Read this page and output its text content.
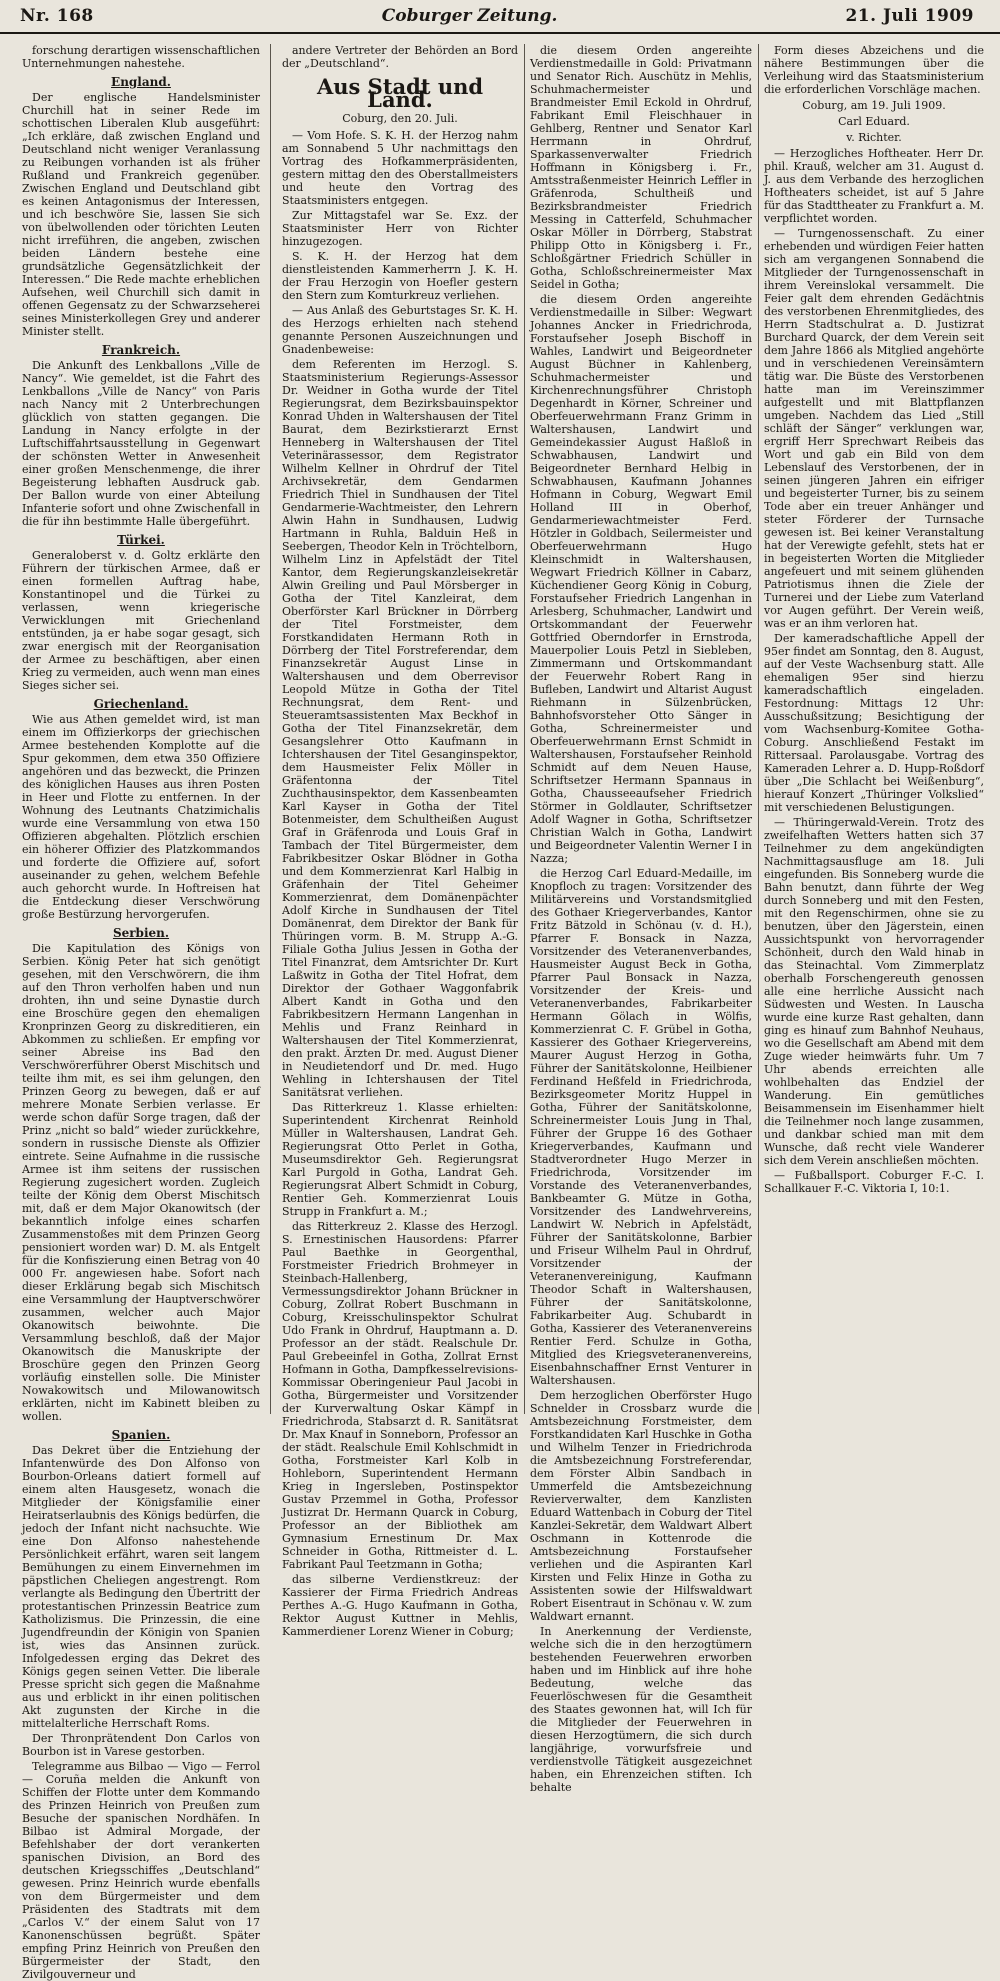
Nr. 168	Coburger Zeitung.	21. Juli 1909

forschung derartigen wissenschaftlichen Unternehmungen nahestehe.

England.

Der englische Handelsminister Churchill hat in seiner Rede im schottischen Liberalen Klub ausgeführt: „Ich erkläre, daß zwischen England und Deutschland nicht weniger Veranlassung zu Reibungen vorhanden ist als früher Rußland und Frankreich gegenüber. Zwischen England und Deutschland gibt es keinen Antagonismus der Interessen, und ich beschwöre Sie, lassen Sie sich von übelwollenden oder törichten Leuten nicht irreführen, die angeben, zwischen beiden Ländern bestehe eine grundsätzliche Gegensätzlichkeit der Interessen.“ Die Rede machte erheblichen Aufsehen, weil Churchill sich damit in offenen Gegensatz zu der Schwarzseherei seines Ministerkollegen Grey und anderer Minister stellt.

Frankreich.

Die Ankunft des Lenkballons „Ville de Nancy“. Wie gemeldet, ist die Fahrt des Lenkballons „Ville de Nancy“ von Paris nach Nancy mit 2 Unterbrechungen glücklich von statten gegangen. Die Landung in Nancy erfolgte in der Luftschiffahrtsausstellung in Gegenwart der schönsten Wetter in Anwesenheit einer großen Menschenmenge, die ihrer Begeisterung lebhaften Ausdruck gab. Der Ballon wurde von einer Abteilung Infanterie sofort und ohne Zwischenfall in die für ihn bestimmte Halle übergeführt.

Türkei.

Generaloberst v. d. Goltz erklärte den Führern der türkischen Armee, daß er einen formellen Auftrag habe, Konstantinopel und die Türkei zu verlassen, wenn kriegerische Verwicklungen mit Griechenland entstünden, ja er habe sogar gesagt, sich zwar energisch mit der Reorganisation der Armee zu beschäftigen, aber einen Krieg zu vermeiden, auch wenn man eines Sieges sicher sei.

Griechenland.

Wie aus Athen gemeldet wird, ist man einem im Offizierkorps der griechischen Armee bestehenden Komplotte auf die Spur gekommen, dem etwa 350 Offiziere angehören und das bezweckt, die Prinzen des königlichen Hauses aus ihren Posten in Heer und Flotte zu entfernen. In der Wohnung des Leutnants Chatzimichalis wurde eine Versammlung von etwa 150 Offizieren abgehalten. Plötzlich erschien ein höherer Offizier des Platzkommandos und forderte die Offiziere auf, sofort auseinander zu gehen, welchem Befehle auch gehorcht wurde. In Hoftreisen hat die Entdeckung dieser Verschwörung große Bestürzung hervorgerufen.

Serbien.

Die Kapitulation des Königs von Serbien. König Peter hat sich genötigt gesehen, mit den Verschwörern, die ihm auf den Thron verholfen haben und nun drohten, ihn und seine Dynastie durch eine Broschüre gegen den ehemaligen Kronprinzen Georg zu diskreditieren, ein Abkommen zu schließen. Er empfing vor seiner Abreise ins Bad den Verschwörerführer Oberst Mischitsch und teilte ihm mit, es sei ihm gelungen, den Prinzen Georg zu bewegen, daß er auf mehrere Monate Serbien verlasse. Er werde schon dafür Sorge tragen, daß der Prinz „nicht so bald“ wieder zurückkehre, sondern in russische Dienste als Offizier eintrete. Seine Aufnahme in die russische Armee ist ihm seitens der russischen Regierung zugesichert worden. Zugleich teilte der König dem Oberst Mischitsch mit, daß er dem Major Okanowitsch (der bekanntlich infolge eines scharfen Zusammenstoßes mit dem Prinzen Georg pensioniert worden war) D. M. als Entgelt für die Konfiszierung einen Betrag von 40 000 Fr. angewiesen habe. Sofort nach dieser Erklärung begab sich Mischitsch eine Versammlung der Hauptverschwörer zusammen, welcher auch Major Okanowitsch beiwohnte. Die Versammlung beschloß, daß der Major Okanowitsch die Manuskripte der Broschüre gegen den Prinzen Georg vorläufig einstellen solle. Die Minister Nowakowitsch und Milowanowitsch erklärten, nicht im Kabinett bleiben zu wollen.

Spanien.

Das Dekret über die Entziehung der Infantenwürde des Don Alfonso von Bourbon-Orleans datiert formell auf einem alten Hausgesetz, wonach die Mitglieder der Königsfamilie einer Heiratserlaubnis des Königs bedürfen, die jedoch der Infant nicht nachsuchte. Wie eine Don Alfonso nahestehende Persönlichkeit erfährt, waren seit langem Bemühungen zu einem Einvernehmen im päpstlichen Cheliegen angestrengt. Rom verlangte als Bedingung den Übertritt der protestantischen Prinzessin Beatrice zum Katholizismus. Die Prinzessin, die eine Jugendfreundin der Königin von Spanien ist, wies das Ansinnen zurück. Infolgedessen erging das Dekret des Königs gegen seinen Vetter. Die liberale Presse spricht sich gegen die Maßnahme aus und erblickt in ihr einen politischen Akt zugunsten der Kirche in die mittelalterliche Herrschaft Roms.

Der Thronprätendent Don Carlos von Bourbon ist in Varese gestorben.

Telegramme aus Bilbao — Vigo — Ferrol — Coruña melden die Ankunft von Schiffen der Flotte unter dem Kommando des Prinzen Heinrich von Preußen zum Besuche der spanischen Nordhäfen. In Bilbao ist Admiral Morgade, der Befehlshaber der dort verankerten spanischen Division, an Bord des deutschen Kriegsschiffes „Deutschland“ gewesen. Prinz Heinrich wurde ebenfalls von dem Bürgermeister und dem Präsidenten des Stadtrats mit dem „Carlos V.“ der einem Salut von 17 Kanonenschüssen begrüßt. Später empfing Prinz Heinrich von Preußen den Bürgermeister der Stadt, den Zivilgouverneur und

andere Vertreter der Behörden an Bord der „Deutschland“.

Aus Stadt und Land.

Coburg, den 20. Juli.

— Vom Hofe. S. K. H. der Herzog nahm am Sonnabend 5 Uhr nachmittags den Vortrag des Hofkammerpräsidenten, gestern mittag den des Oberstallmeisters und heute den Vortrag des Staatsministers entgegen.

Zur Mittagstafel war Se. Exz. der Staatsminister Herr von Richter hinzugezogen.

S. K. H. der Herzog hat dem dienstleistenden Kammerherrn J. K. H. der Frau Herzogin von Hoefler gestern den Stern zum Komturkreuz verliehen.

— Aus Anlaß des Geburtstages Sr. K. H. des Herzogs erhielten nach stehend genannte Personen Auszeichnungen und Gnadenbeweise:

dem Referenten im Herzogl. S. Staatsministerium Regierungs-Assessor Dr. Weidner in Gotha wurde der Titel Regierungsrat, dem Bezirksbauinspektor Konrad Uhden in Waltershausen der Titel Baurat, dem Bezirkstierarzt Ernst Henneberg in Waltershausen der Titel Veterinärassessor, dem Registrator Wilhelm Kellner in Ohrdruf der Titel Archivsekretär, dem Gendarmen Friedrich Thiel in Sundhausen der Titel Gendarmerie-Wachtmeister, den Lehrern Alwin Hahn in Sundhausen, Ludwig Hartmann in Ruhla, Balduin Heß in Seebergen, Theodor Keln in Tröchtelborn, Wilhelm Linz in Apfelstädt der Titel Kantor, dem Regierungskanzleisekretär Alwin Greiling und Paul Mörsberger in Gotha der Titel Kanzleirat, dem Oberförster Karl Brückner in Dörrberg der Titel Forstmeister, dem Forstkandidaten Hermann Roth in Dörrberg der Titel Forstreferendar, dem Finanzsekretär August Linse in Waltershausen und dem Oberrevisor Leopold Mütze in Gotha der Titel Rechnungsrat, dem Rent- und Steueramtsassistenten Max Beckhof in Gotha der Titel Finanzsekretär, dem Gesangslehrer Otto Kaufmann in Ichtershausen der Titel Gesanginspektor, dem Hausmeister Felix Möller in Gräfentonna der Titel Zuchthausinspektor, dem Kassenbeamten Karl Kayser in Gotha der Titel Botenmeister, dem Schultheißen August Graf in Gräfenroda und Louis Graf in Tambach der Titel Bürgermeister, dem Fabrikbesitzer Oskar Blödner in Gotha und dem Kommerzienrat Karl Halbig in Gräfenhain der Titel Geheimer Kommerzienrat, dem Domänenpächter Adolf Kirche in Sundhausen der Titel Domänenrat, dem Direktor der Bank für Thüringen vorm. B. M. Strupp A.-G. Filiale Gotha Julius Jessen in Gotha der Titel Finanzrat, dem Amtsrichter Dr. Kurt Laßwitz in Gotha der Titel Hofrat, dem Direktor der Gothaer Waggonfabrik Albert Kandt in Gotha und den Fabrikbesitzern Hermann Langenhan in Mehlis und Franz Reinhard in Waltershausen der Titel Kommerzienrat, den prakt. Ärzten Dr. med. August Diener in Neudietendorf und Dr. med. Hugo Wehling in Ichtershausen der Titel Sanitätsrat verliehen.

Das Ritterkreuz 1. Klasse erhielten: Superintendent Kirchenrat Reinhold Müller in Waltershausen, Landrat Geh. Regierungsrat Otto Perlet in Gotha, Museumsdirektor Geh. Regierungsrat Karl Purgold in Gotha, Landrat Geh. Regierungsrat Albert Schmidt in Coburg, Rentier Geh. Kommerzienrat Louis Strupp in Frankfurt a. M.;

das Ritterkreuz 2. Klasse des Herzogl. S. Ernestinischen Hausordens: Pfarrer Paul Baethke in Georgenthal, Forstmeister Friedrich Brohmeyer in Steinbach-Hallenberg, Vermessungsdirektor Johann Brückner in Coburg, Zollrat Robert Buschmann in Coburg, Kreisschulinspektor Schulrat Udo Frank in Ohrdruf, Hauptmann a. D. Professor an der städt. Realschule Dr. Paul Grebeeinfel in Gotha, Zollrat Ernst Hofmann in Gotha, Dampfkesselrevisions-Kommissar Oberingenieur Paul Jacobi in Gotha, Bürgermeister und Vorsitzender der Kurverwaltung Oskar Kämpf in Friedrichroda, Stabsarzt d. R. Sanitätsrat Dr. Max Knauf in Sonneborn, Professor an der städt. Realschule Emil Kohlschmidt in Gotha, Forstmeister Karl Kolb in Hohleborn, Superintendent Hermann Krieg in Ingersleben, Postinspektor Gustav Przemmel in Gotha, Professor Justizrat Dr. Hermann Quarck in Coburg, Professor an der Bibliothek am Gymnasium Ernestinum Dr. Max Schneider in Gotha, Rittmeister d. L. Fabrikant Paul Teetzmann in Gotha;

das silberne Verdienstkreuz: der Kassierer der Firma Friedrich Andreas Perthes A.-G. Hugo Kaufmann in Gotha, Rektor August Kuttner in Mehlis, Kammerdiener Lorenz Wiener in Coburg;

die diesem Orden angereihte Verdienstmedaille in Gold: Privatmann und Senator Rich. Auschütz in Mehlis, Schuhmachermeister und Brandmeister Emil Eckold in Ohrdruf, Fabrikant Emil Fleischhauer in Gehlberg, Rentner und Senator Karl Herrmann in Ohrdruf, Sparkassenverwalter Friedrich Hoffmann in Königsberg i. Fr., Amtsstraßenmeister Heinrich Leffler in Gräfenroda, Schultheiß und Bezirksbrandmeister Friedrich Messing in Catterfeld, Schuhmacher Oskar Möller in Dörrberg, Stabstrat Philipp Otto in Königsberg i. Fr., Schloßgärtner Friedrich Schüller in Gotha, Schloßschreinermeister Max Seidel in Gotha;

die diesem Orden angereihte Verdienstmedaille in Silber: Wegwart Johannes Ancker in Friedrichroda, Forstaufseher Joseph Bischoff in Wahles, Landwirt und Beigeordneter August Büchner in Kahlenberg, Schuhmachermeister und Kirchenrechnungsführer Christoph Degenhardt in Körner, Schreiner und Oberfeuerwehrmann Franz Grimm in Waltershausen, Landwirt und Gemeindekassier August Haßloß in Schwabhausen, Landwirt und Beigeordneter Bernhard Helbig in Schwabhausen, Kaufmann Johannes Hofmann in Coburg, Wegwart Emil Holland III in Oberhof, Gendarmeriewachtmeister Ferd. Hötzler in Goldbach, Seilermeister und Oberfeuerwehrmann Hugo Kleinschmidt in Waltershausen, Wegwart Friedrich Köllner in Cabarz, Küchendiener Georg König in Coburg, Forstaufseher Friedrich Langenhan in Arlesberg, Schuhmacher, Landwirt und Ortskommandant der Feuerwehr Gottfried Oberndorfer in Ernstroda, Mauerpolier Louis Petzl in Siebleben, Zimmermann und Ortskommandant der Feuerwehr Robert Rang in Bufleben, Landwirt und Altarist August Riehmann in Sülzenbrücken, Bahnhofsvorsteher Otto Sänger in Gotha, Schreinermeister und Oberfeuerwehrmann Ernst Schmidt in Waltershausen, Forstaufseher Reinhold Schmidt auf dem Neuen Hause, Schriftsetzer Hermann Spannaus in Gotha, Chausseeaufseher Friedrich Störmer in Goldlauter, Schriftsetzer Adolf Wagner in Gotha, Schriftsetzer Christian Walch in Gotha, Landwirt und Beigeordneter Valentin Werner I in Nazza;

die Herzog Carl Eduard-Medaille, im Knopfloch zu tragen: Vorsitzender des Militärvereins und Vorstandsmitglied des Gothaer Kriegerverbandes, Kantor Fritz Bätzold in Schönau (v. d. H.), Pfarrer F. Bonsack in Nazza, Vorsitzender des Veteranenverbandes, Hausmeister August Beck in Gotha, Pfarrer Paul Bonsack in Nazza, Vorsitzender der Kreis- und Veteranenverbandes, Fabrikarbeiter Hermann Gölach in Wölfis, Kommerzienrat C. F. Grübel in Gotha, Kassierer des Gothaer Kriegervereins, Maurer August Herzog in Gotha, Führer der Sanitätskolonne, Heilbiener Ferdinand Heßfeld in Friedrichroda, Bezirksgeometer Moritz Huppel in Gotha, Führer der Sanitätskolonne, Schreinermeister Louis Jung in Thal, Führer der Gruppe 16 des Gothaer Kriegerverbandes, Kaufmann und Stadtverordneter Hugo Merzer in Friedrichroda, Vorsitzender im Vorstande des Veteranenverbandes, Bankbeamter G. Mütze in Gotha, Vorsitzender des Landwehrvereins, Landwirt W. Nebrich in Apfelstädt, Führer der Sanitätskolonne, Barbier und Friseur Wilhelm Paul in Ohrdruf, Vorsitzender der Veteranenvereinigung, Kaufmann Theodor Schaft in Waltershausen, Führer der Sanitätskolonne, Fabrikarbeiter Aug. Schubardt in Gotha, Kassierer des Veteranenvereins Rentier Ferd. Schulze in Gotha, Mitglied des Kriegsveteranenvereins, Eisenbahnschaffner Ernst Venturer in Waltershausen.

Dem herzoglichen Oberförster Hugo Schnelder in Crossbarz wurde die Amtsbezeichnung Forstmeister, dem Forstkandidaten Karl Huschke in Gotha und Wilhelm Tenzer in Friedrichroda die Amtsbezeichnung Forstreferendar, dem Förster Albin Sandbach in Ummerfeld die Amtsbezeichnung Revierverwalter, dem Kanzlisten Eduard Wattenbach in Coburg der Titel Kanzlei-Sekretär, dem Waldwart Albert Oschmann in Kottenrode die Amtsbezeichnung Forstaufseher verliehen und die Aspiranten Karl Kirsten und Felix Hinze in Gotha zu Assistenten sowie der Hilfswaldwart Robert Eisentraut in Schönau v. W. zum Waldwart ernannt.

In Anerkennung der Verdienste, welche sich die in den herzogtümern bestehenden Feuerwehren erworben haben und im Hinblick auf ihre hohe Bedeutung, welche das Feuerlöschwesen für die Gesamtheit des Staates gewonnen hat, will Ich für die Mitglieder der Feuerwehren in diesen Herzogtümern, die sich durch langjährige, vorwurfsfreie und verdienstvolle Tätigkeit ausgezeichnet haben, ein Ehrenzeichen stiften. Ich behalte

Form dieses Abzeichens und die nähere Bestimmungen über die Verleihung wird das Staatsministerium die erforderlichen Vorschläge machen.

Coburg, am 19. Juli 1909.

Carl Eduard.

v. Richter.

— Herzogliches Hoftheater. Herr Dr. phil. Krauß, welcher am 31. August d. J. aus dem Verbande des herzoglichen Hoftheaters scheidet, ist auf 5 Jahre für das Stadttheater zu Frankfurt a. M. verpflichtet worden.

— Turngenossenschaft. Zu einer erhebenden und würdigen Feier hatten sich am vergangenen Sonnabend die Mitglieder der Turngenossenschaft in ihrem Vereinslokal versammelt. Die Feier galt dem ehrenden Gedächtnis des verstorbenen Ehrenmitgliedes, des Herrn Stadtschulrat a. D. Justizrat Burchard Quarck, der dem Verein seit dem Jahre 1866 als Mitglied angehörte und in verschiedenen Vereinsämtern tätig war. Die Büste des Verstorbenen hatte man im Vereinszimmer aufgestellt und mit Blattpflanzen umgeben. Nachdem das Lied „Still schläft der Sänger“ verklungen war, ergriff Herr Sprechwart Reibeis das Wort und gab ein Bild von dem Lebenslauf des Verstorbenen, der in seinen jüngeren Jahren ein eifriger und begeisterter Turner, bis zu seinem Tode aber ein treuer Anhänger und steter Förderer der Turnsache gewesen ist. Bei keiner Veranstaltung hat der Verewigte gefehlt, stets hat er in begeisterten Worten die Mitglieder angefeuert und mit seinem glühenden Patriotismus ihnen die Ziele der Turnerei und der Liebe zum Vaterland vor Augen geführt. Der Verein weiß, was er an ihm verloren hat.

Der kameradschaftliche Appell der 95er findet am Sonntag, den 8. August, auf der Veste Wachsenburg statt. Alle ehemaligen 95er sind hierzu kameradschaftlich eingeladen. Festordnung: Mittags 12 Uhr: Ausschußsitzung; Besichtigung der vom Wachsenburg-Komitee Gotha-Coburg. Anschließend Festakt im Rittersaal. Parolausgabe. Vortrag des Kameraden Lehrer a. D. Hupp-Roßdorf über „Die Schlacht bei Weißenburg“, hierauf Konzert „Thüringer Volkslied“ mit verschiedenen Belustigungen.

— Thüringerwald-Verein. Trotz des zweifelhaften Wetters hatten sich 37 Teilnehmer zu dem angekündigten Nachmittagsausfluge am 18. Juli eingefunden. Bis Sonneberg wurde die Bahn benutzt, dann führte der Weg durch Sonneberg und mit den Festen, mit den Regenschirmen, ohne sie zu benutzen, über den Jägerstein, einen Aussichtspunkt von hervorragender Schönheit, durch den Wald hinab in das Steinachtal. Vom Zimmerplatz oberhalb Forschengereuth genossen alle eine herrliche Aussicht nach Südwesten und Westen. In Lauscha wurde eine kurze Rast gehalten, dann ging es hinauf zum Bahnhof Neuhaus, wo die Gesellschaft am Abend mit dem Zuge wieder heimwärts fuhr. Um 7 Uhr abends erreichten alle wohlbehalten das Endziel der Wanderung. Ein gemütliches Beisammensein im Eisenhammer hielt die Teilnehmer noch lange zusammen, und dankbar schied man mit dem Wunsche, daß recht viele Wanderer sich dem Verein anschließen möchten.

— Fußballsport. Coburger F.-C. I. Schallkauer F.-C. Viktoria I, 10:1.
